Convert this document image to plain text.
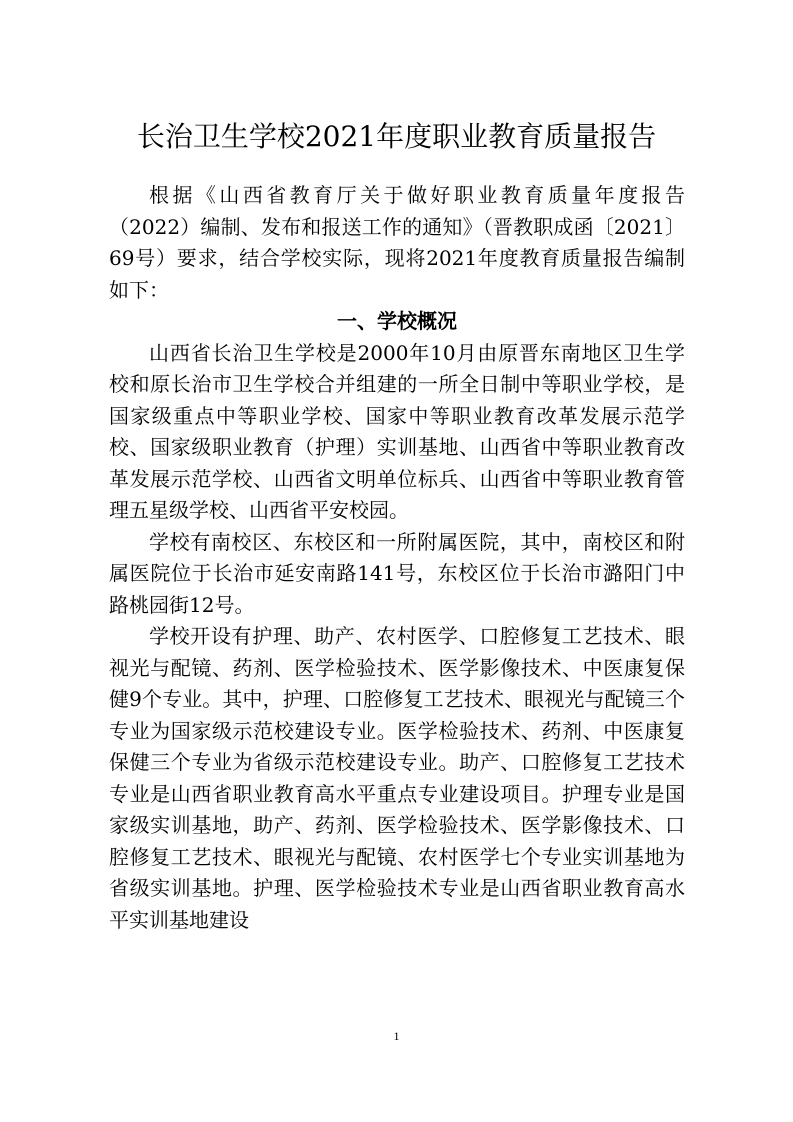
长治卫生学校2021年度职业教育质量报告

根据《山西省教育厅关于做好职业教育质量年度报告（2022）编制、发布和报送工作的通知》（晋教职成函〔2021〕69号）要求，结合学校实际，现将2021年度教育质量报告编制如下：

一、学校概况

山西省长治卫生学校是2000年10月由原晋东南地区卫生学校和原长治市卫生学校合并组建的一所全日制中等职业学校，是国家级重点中等职业学校、国家中等职业教育改革发展示范学校、国家级职业教育（护理）实训基地、山西省中等职业教育改革发展示范学校、山西省文明单位标兵、山西省中等职业教育管理五星级学校、山西省平安校园。

学校有南校区、东校区和一所附属医院，其中，南校区和附属医院位于长治市延安南路141号，东校区位于长治市潞阳门中路桃园街12号。

学校开设有护理、助产、农村医学、口腔修复工艺技术、眼视光与配镜、药剂、医学检验技术、医学影像技术、中医康复保健9个专业。其中，护理、口腔修复工艺技术、眼视光与配镜三个专业为国家级示范校建设专业。医学检验技术、药剂、中医康复保健三个专业为省级示范校建设专业。助产、口腔修复工艺技术专业是山西省职业教育高水平重点专业建设项目。护理专业是国家级实训基地，助产、药剂、医学检验技术、医学影像技术、口腔修复工艺技术、眼视光与配镜、农村医学七个专业实训基地为省级实训基地。护理、医学检验技术专业是山西省职业教育高水平实训基地建设

1
